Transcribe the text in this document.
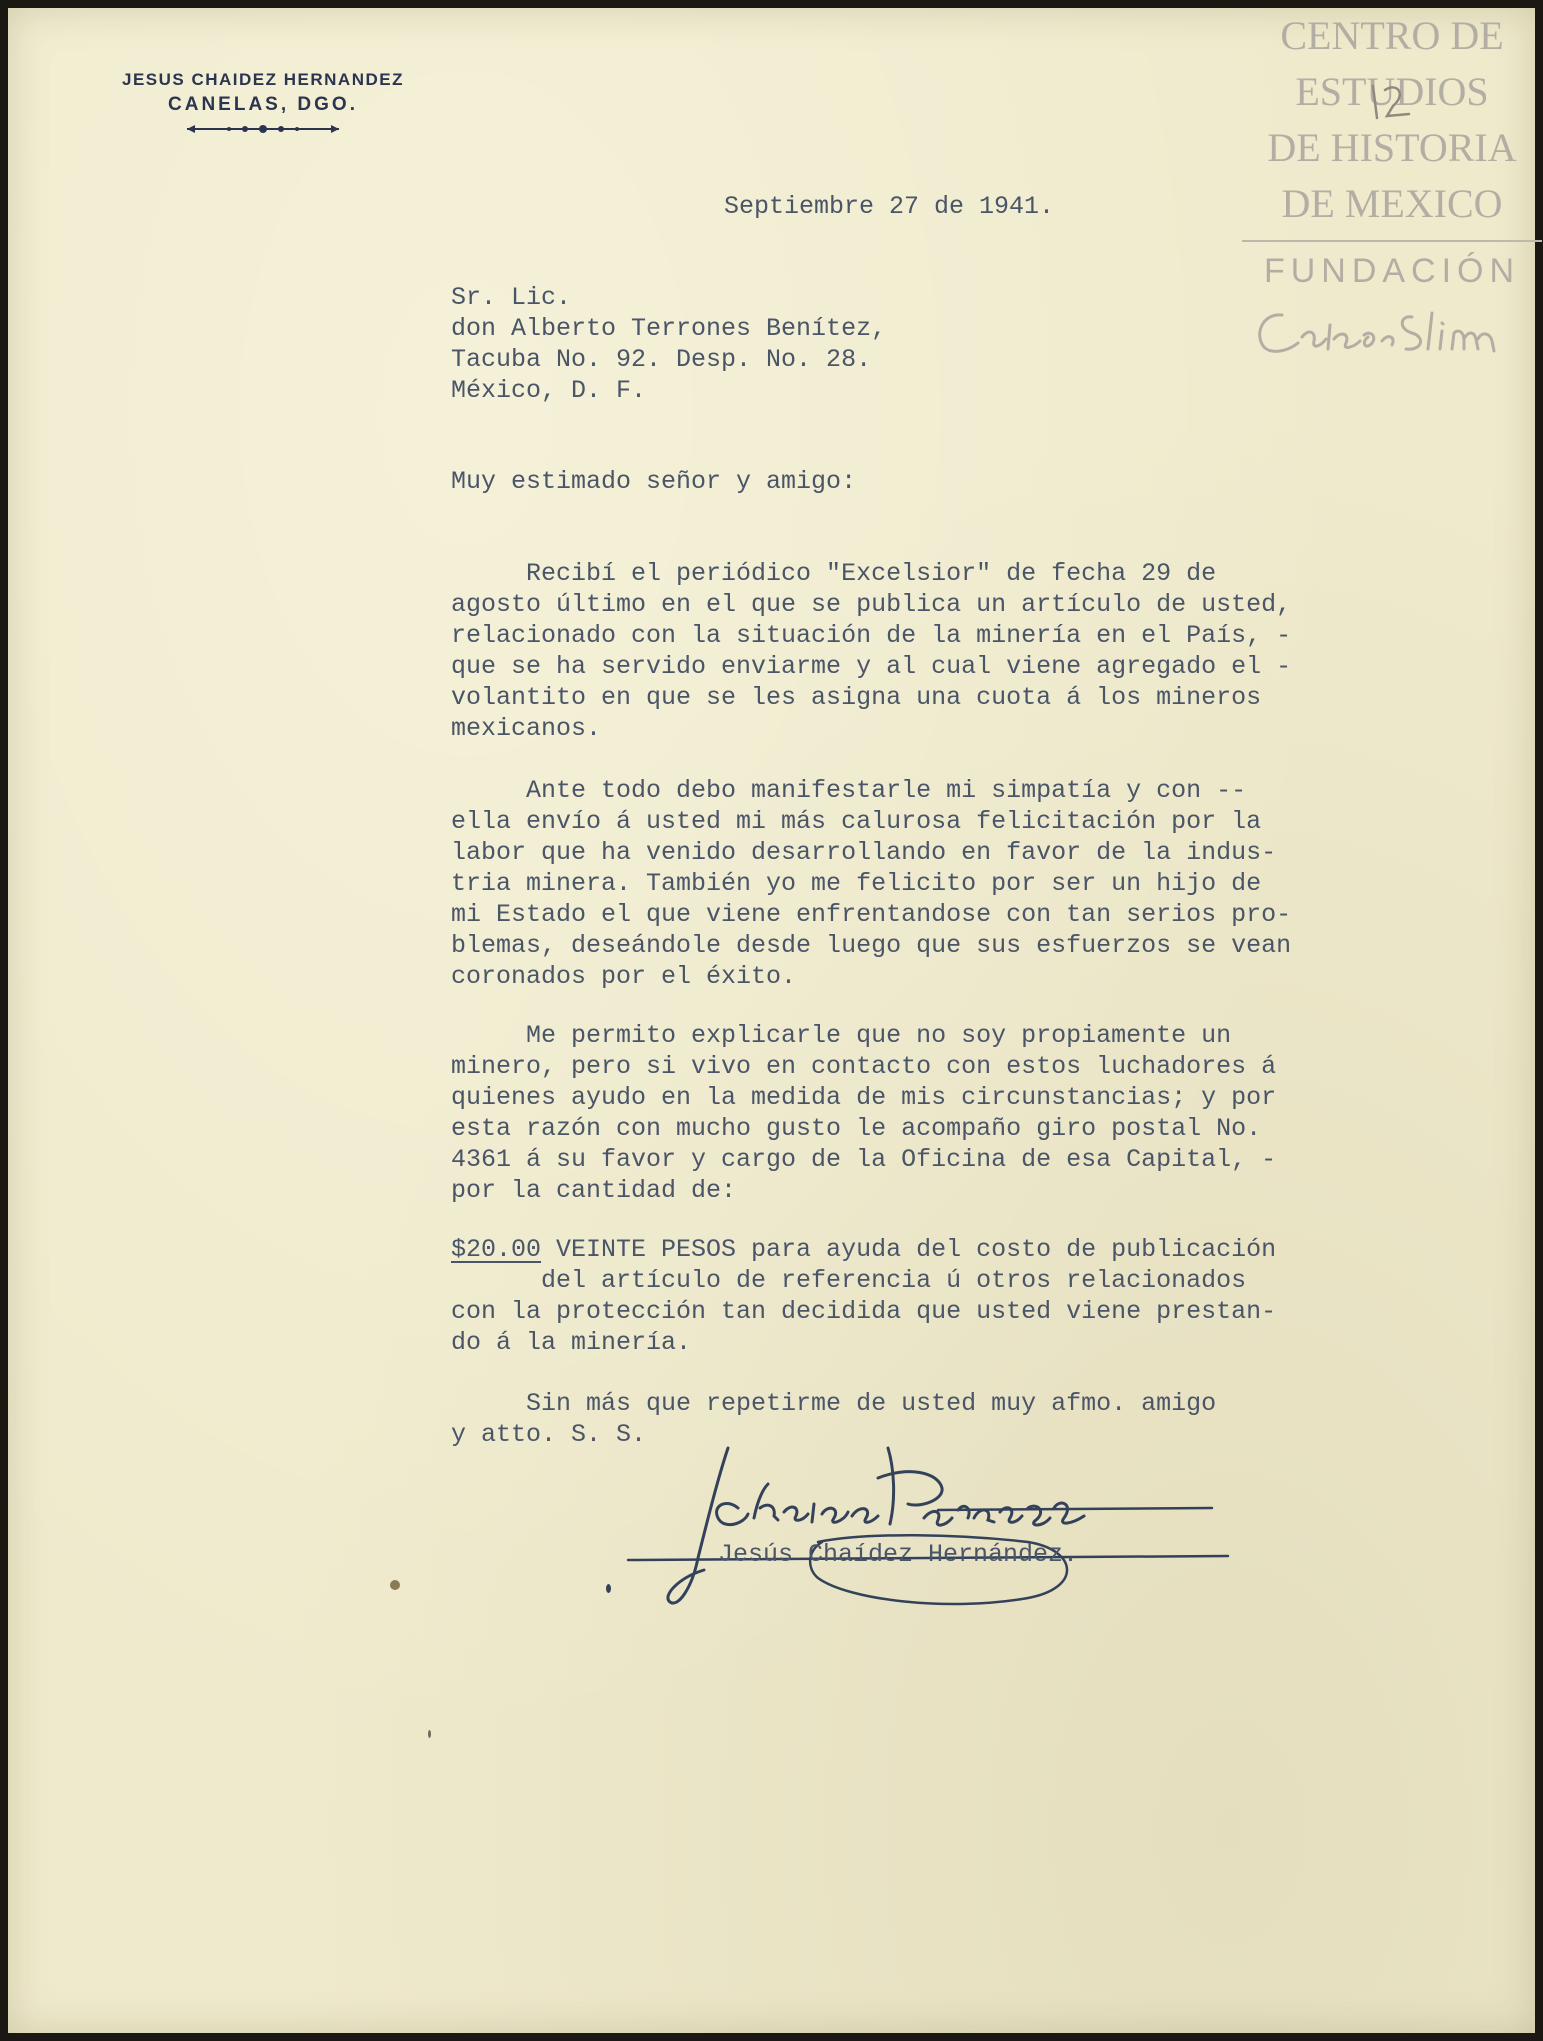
JESUS CHAIDEZ HERNANDEZ
CANELAS, DGO.
CENTRO DE
ESTUDIOS
DE HISTORIA
DE MEXICO
FUNDACIÓN
Septiembre 27 de 1941.
Sr. Lic.
don Alberto Terrones Benítez,
Tacuba No. 92. Desp. No. 28.
México, D. F.
Muy estimado señor y amigo:
Recibí el periódico "Excelsior" de fecha 29 de
agosto último en el que se publica un artículo de usted,
relacionado con la situación de la minería en el País, -
que se ha servido enviarme y al cual viene agregado el -
volantito en que se les asigna una cuota á los mineros
mexicanos.
Ante todo debo manifestarle mi simpatía y con --
ella envío á usted mi más calurosa felicitación por la
labor que ha venido desarrollando en favor de la indus-
tria minera. También yo me felicito por ser un hijo de
mi Estado el que viene enfrentandose con tan serios pro-
blemas, deseándole desde luego que sus esfuerzos se vean
coronados por el éxito.
Me permito explicarle que no soy propiamente un
minero, pero si vivo en contacto con estos luchadores á
quienes ayudo en la medida de mis circunstancias; y por
esta razón con mucho gusto le acompaño giro postal No.
4361 á su favor y cargo de la Oficina de esa Capital, -
por la cantidad de:
$20.00 VEINTE PESOS para ayuda del costo de publicación
del artículo de referencia ú otros relacionados
con la protección tan decidida que usted viene prestan-
do á la minería.
Sin más que repetirme de usted muy afmo. amigo
y atto. S. S.
Jesús Chaídez Hernández.
